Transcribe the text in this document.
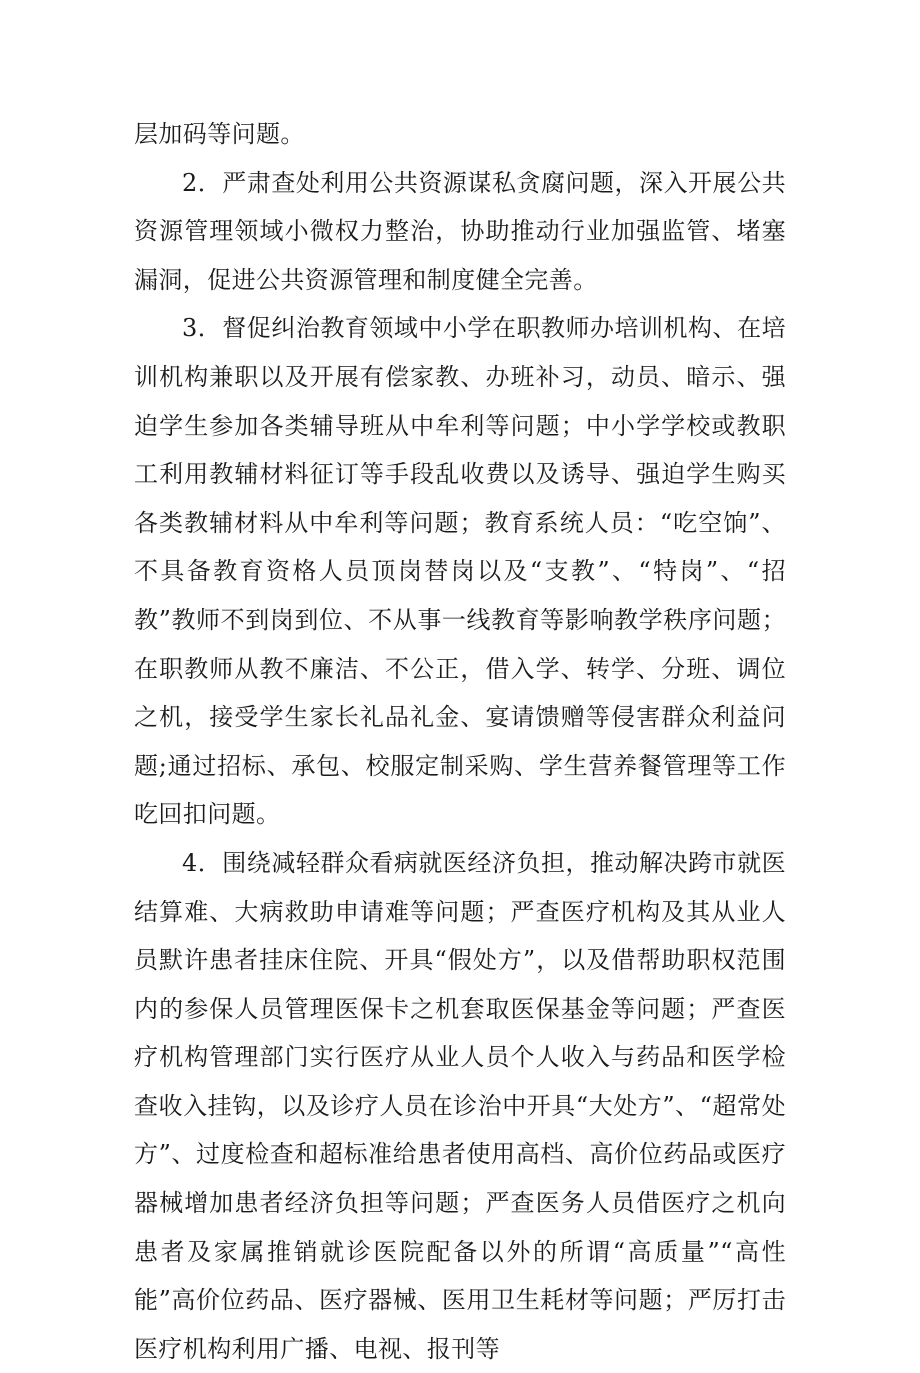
层加码等问题。

2．严肃查处利用公共资源谋私贪腐问题，深入开展公共资源管理领域小微权力整治，协助推动行业加强监管、堵塞漏洞，促进公共资源管理和制度健全完善。

3．督促纠治教育领域中小学在职教师办培训机构、在培训机构兼职以及开展有偿家教、办班补习，动员、暗示、强迫学生参加各类辅导班从中牟利等问题；中小学学校或教职工利用教辅材料征订等手段乱收费以及诱导、强迫学生购买各类教辅材料从中牟利等问题；教育系统人员：“吃空饷”、不具备教育资格人员顶岗替岗以及“支教”、“特岗”、“招教”教师不到岗到位、不从事一线教育等影响教学秩序问题；在职教师从教不廉洁、不公正，借入学、转学、分班、调位之机，接受学生家长礼品礼金、宴请馈赠等侵害群众利益问题;通过招标、承包、校服定制采购、学生营养餐管理等工作吃回扣问题。

4．围绕减轻群众看病就医经济负担，推动解决跨市就医结算难、大病救助申请难等问题；严查医疗机构及其从业人员默许患者挂床住院、开具“假处方”，以及借帮助职权范围内的参保人员管理医保卡之机套取医保基金等问题；严查医疗机构管理部门实行医疗从业人员个人收入与药品和医学检查收入挂钩，以及诊疗人员在诊治中开具“大处方”、“超常处方”、过度检查和超标准给患者使用高档、高价位药品或医疗器械增加患者经济负担等问题；严查医务人员借医疗之机向患者及家属推销就诊医院配备以外的所谓“高质量”“高性能”高价位药品、医疗器械、医用卫生耗材等问题；严厉打击医疗机构利用广播、电视、报刊等
